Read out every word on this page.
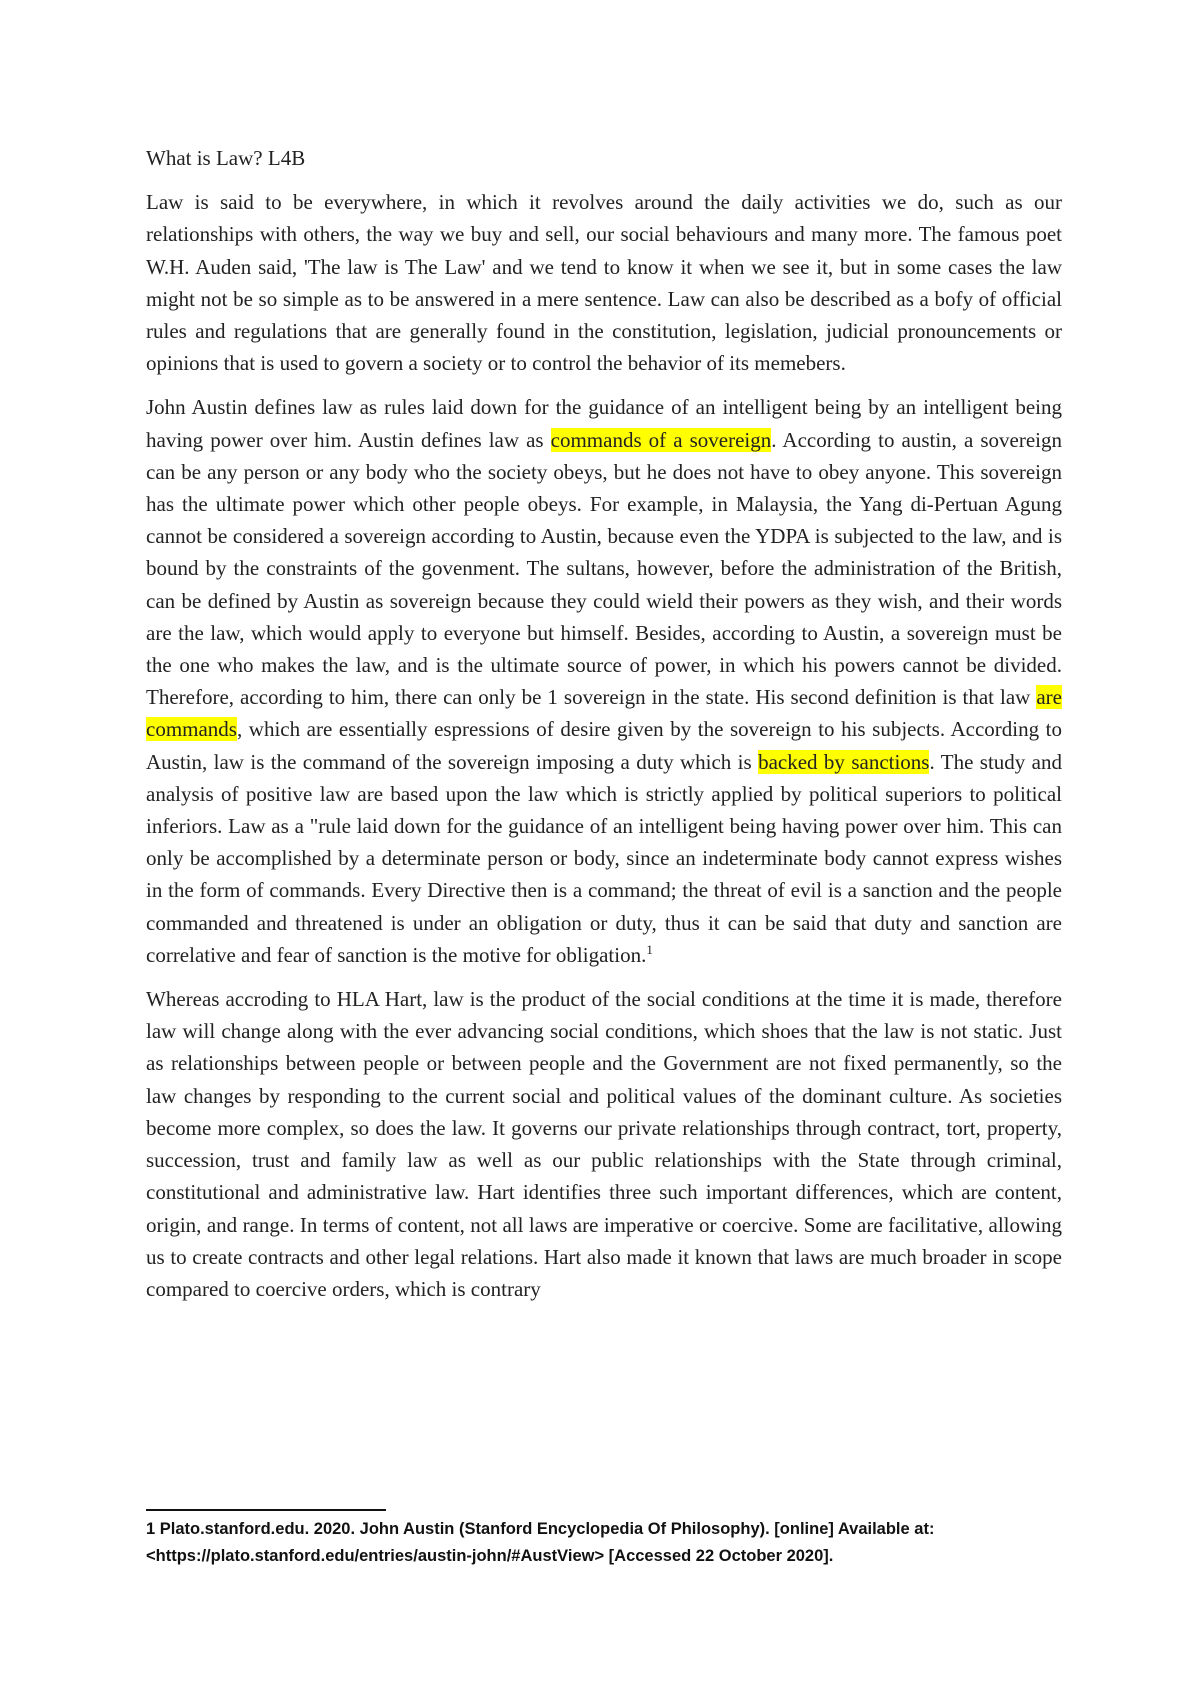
What is Law? L4B

Law is said to be everywhere, in which it revolves around the daily activities we do, such as our relationships with others, the way we buy and sell, our social behaviours and many more. The famous poet W.H. Auden said, 'The law is The Law' and we tend to know it when we see it, but in some cases the law might not be so simple as to be answered in a mere sentence. Law can also be described as a bofy of official rules and regulations that are generally found in the constitution, legislation, judicial pronouncements or opinions that is used to govern a society or to control the behavior of its memebers.

John Austin defines law as rules laid down for the guidance of an intelligent being by an intelligent being having power over him. Austin defines law as commands of a sovereign. According to austin, a sovereign can be any person or any body who the society obeys, but he does not have to obey anyone. This sovereign has the ultimate power which other people obeys. For example, in Malaysia, the Yang di-Pertuan Agung cannot be considered a sovereign according to Austin, because even the YDPA is subjected to the law, and is bound by the constraints of the govenment. The sultans, however, before the administration of the British, can be defined by Austin as sovereign because they could wield their powers as they wish, and their words are the law, which would apply to everyone but himself. Besides, according to Austin, a sovereign must be the one who makes the law, and is the ultimate source of power, in which his powers cannot be divided. Therefore, according to him, there can only be 1 sovereign in the state. His second definition is that law are commands, which are essentially espressions of desire given by the sovereign to his subjects. According to Austin, law is the command of the sovereign imposing a duty which is backed by sanctions. The study and analysis of positive law are based upon the law which is strictly applied by political superiors to political inferiors. Law as a "rule laid down for the guidance of an intelligent being having power over him. This can only be accomplished by a determinate person or body, since an indeterminate body cannot express wishes in the form of commands. Every Directive then is a command; the threat of evil is a sanction and the people commanded and threatened is under an obligation or duty, thus it can be said that duty and sanction are correlative and fear of sanction is the motive for obligation.$^1$

Whereas accroding to HLA Hart, law is the product of the social conditions at the time it is made, therefore law will change along with the ever advancing social conditions, which shoes that the law is not static. Just as relationships between people or between people and the Government are not fixed permanently, so the law changes by responding to the current social and political values of the dominant culture. As societies become more complex, so does the law. It governs our private relationships through contract, tort, property, succession, trust and family law as well as our public relationships with the State through criminal, constitutional and administrative law. Hart identifies three such important differences, which are content, origin, and range. In terms of content, not all laws are imperative or coercive. Some are facilitative, allowing us to create contracts and other legal relations. Hart also made it known that laws are much broader in scope compared to coercive orders, which is contrary

1 Plato.stanford.edu. 2020. John Austin (Stanford Encyclopedia Of Philosophy). [online] Available at:
<https://plato.stanford.edu/entries/austin-john/#AustView> [Accessed 22 October 2020].
